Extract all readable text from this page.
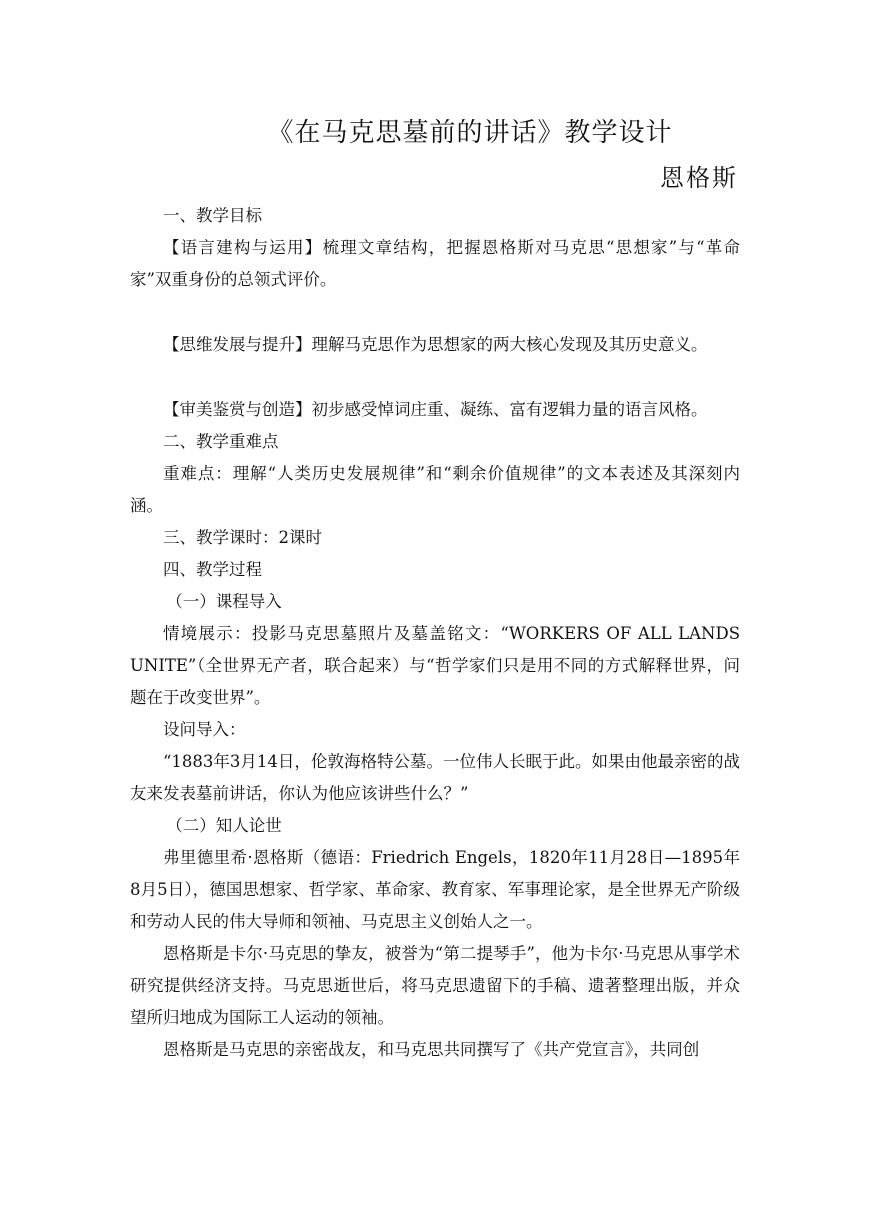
《在马克思墓前的讲话》教学设计
恩格斯

一、教学目标

【语言建构与运用】梳理文章结构，把握恩格斯对马克思“思想家”与“革命家”双重身份的总领式评价。

【思维发展与提升】理解马克思作为思想家的两大核心发现及其历史意义。

【审美鉴赏与创造】初步感受悼词庄重、凝练、富有逻辑力量的语言风格。

二、教学重难点

重难点：理解“人类历史发展规律”和“剩余价值规律”的文本表述及其深刻内涵。

三、教学课时：2课时

四、教学过程

（一）课程导入

情境展示：投影马克思墓照片及墓盖铭文：“WORKERS OF ALL LANDS UNITE”（全世界无产者，联合起来）与“哲学家们只是用不同的方式解释世界，问题在于改变世界”。

设问导入：

“1883年3月14日，伦敦海格特公墓。一位伟人长眠于此。如果由他最亲密的战友来发表墓前讲话，你认为他应该讲些什么？”

（二）知人论世

弗里德里希·恩格斯（德语：Friedrich Engels，1820年11月28日—1895年8月5日），德国思想家、哲学家、革命家、教育家、军事理论家，是全世界无产阶级和劳动人民的伟大导师和领袖、马克思主义创始人之一。

恩格斯是卡尔·马克思的挚友，被誉为“第二提琴手”，他为卡尔·马克思从事学术研究提供经济支持。马克思逝世后，将马克思遗留下的手稿、遗著整理出版，并众望所归地成为国际工人运动的领袖。

恩格斯是马克思的亲密战友，和马克思共同撰写了《共产党宣言》，共同创
